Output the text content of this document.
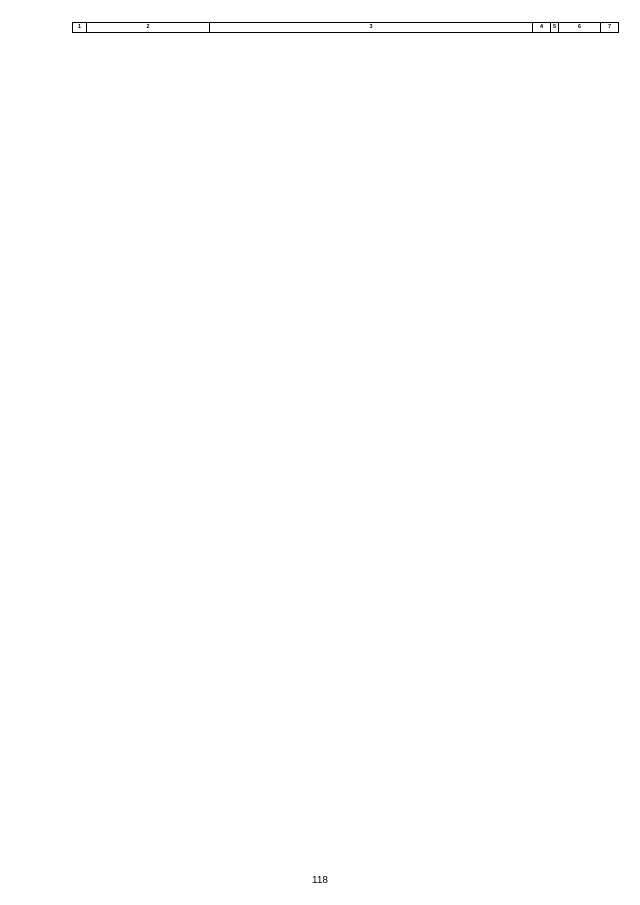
1	2	3	4	5	6	7
118
